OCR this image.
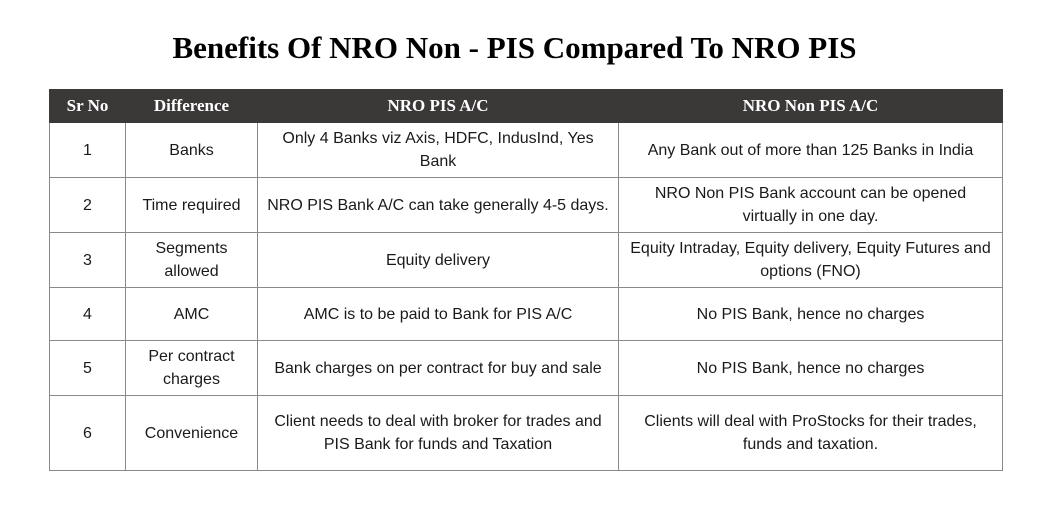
Benefits Of NRO Non - PIS Compared To NRO PIS
Sr No	Difference	NRO PIS A/C	NRO Non PIS A/C
1	Banks	Only 4 Banks viz Axis, HDFC, IndusInd, Yes Bank	Any Bank out of more than 125 Banks in India
2	Time required	NRO PIS Bank A/C can take generally 4-5 days.	NRO Non PIS Bank account can be opened virtually in one day.
3	Segments allowed	Equity delivery	Equity Intraday, Equity delivery, Equity Futures and options (FNO)
4	AMC	AMC is to be paid to Bank for PIS A/C	No PIS Bank, hence no charges
5	Per contract charges	Bank charges on per contract for buy and sale	No PIS Bank, hence no charges
6	Convenience	Client needs to deal with broker for trades and PIS Bank for funds and Taxation	Clients will deal with ProStocks for their trades, funds and taxation.
